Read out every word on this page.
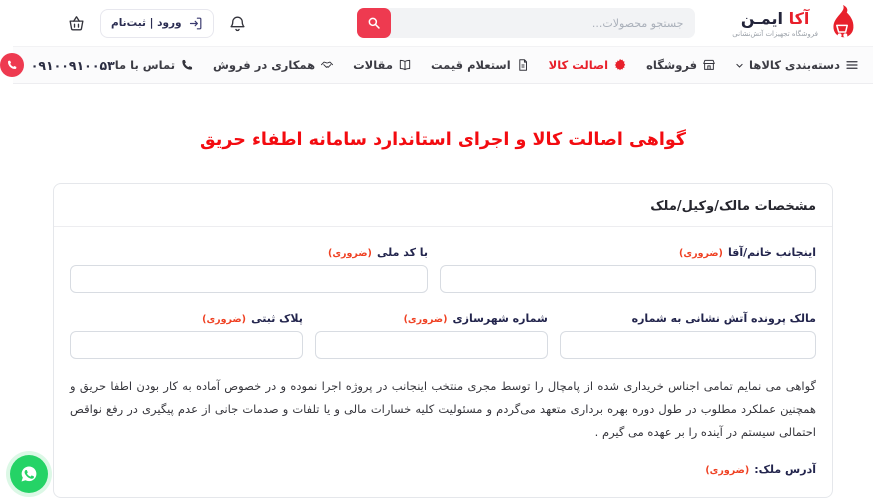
آکا ایمـن
فروشگاه تجهیزات آتش‌نشانی
جستجو محصولات...
ورود | ثبت‌نام
دسته‌بندی کالاها
فروشگاه
اصالت کالا
استعلام قیمت
مقالات
همکاری در فروش
تماس با ما
۰۹۱۰۰۹۱۰۰۵۳
گواهی اصالت کالا و اجرای استاندارد سامانه اطفاء حریق
مشخصات مالک/وکیل/ملک
اینجانب خانم/آقا (ضروری)
با کد ملی (ضروری)
مالک پرونده آتش نشانی به شماره
شماره شهرسازی (ضروری)
پلاک ثبتی (ضروری)

گواهی می نمایم تمامی اجناس خریداری شده از پامچال را توسط مجری منتخب اینجانب در پروژه اجرا نموده و در خصوص آماده به کار بودن اطفا حریق و همچنین عملکرد مطلوب در طول دوره بهره برداری متعهد می‌گردم و مسئولیت کلیه خسارات مالی و یا تلفات و صدمات جانی از عدم پیگیری در رفع نواقص احتمالی سیستم در آینده را بر عهده می گیرم .

آدرس ملک: (ضروری)
